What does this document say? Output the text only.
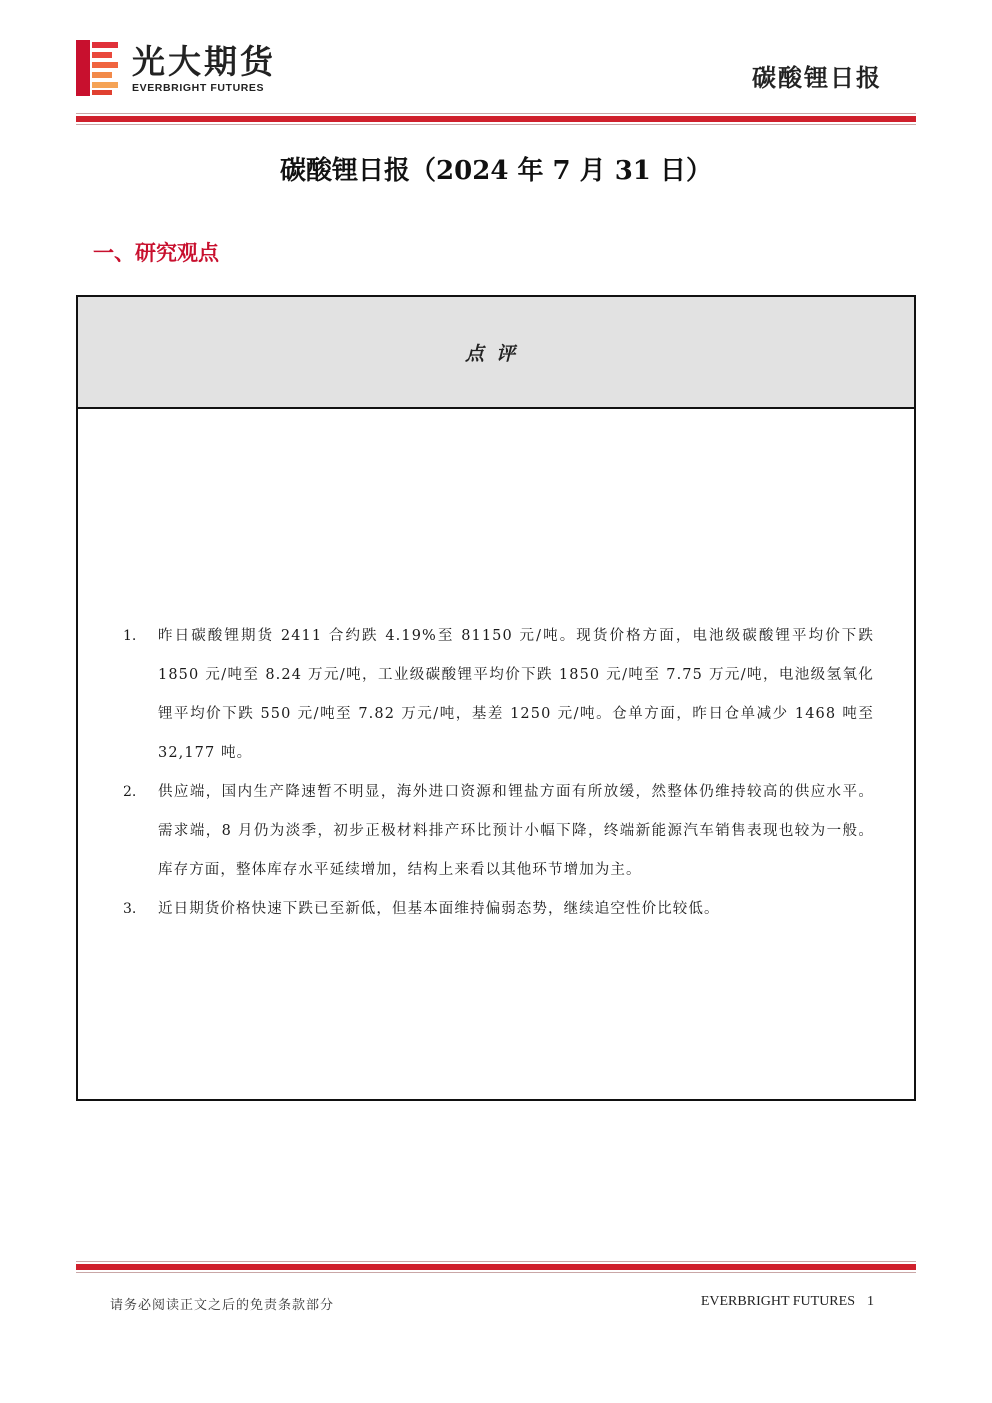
光大期货
EVERBRIGHT FUTURES	碳酸锂日报
碳酸锂日报（2024 年 7 月 31 日）
一、研究观点
点评
1. 昨日碳酸锂期货 2411 合约跌 4.19%至 81150 元/吨。现货价格方面，电池级碳酸锂平均价下跌 1850 元/吨至 8.24 万元/吨，工业级碳酸锂平均价下跌 1850 元/吨至 7.75 万元/吨，电池级氢氧化锂平均价下跌 550 元/吨至 7.82 万元/吨，基差 1250 元/吨。仓单方面，昨日仓单减少 1468 吨至 32,177 吨。
2. 供应端，国内生产降速暂不明显，海外进口资源和锂盐方面有所放缓，然整体仍维持较高的供应水平。需求端，8 月仍为淡季，初步正极材料排产环比预计小幅下降，终端新能源汽车销售表现也较为一般。库存方面，整体库存水平延续增加，结构上来看以其他环节增加为主。
3. 近日期货价格快速下跌已至新低，但基本面维持偏弱态势，继续追空性价比较低。
请务必阅读正文之后的免责条款部分	EVERBRIGHT FUTURES 1
